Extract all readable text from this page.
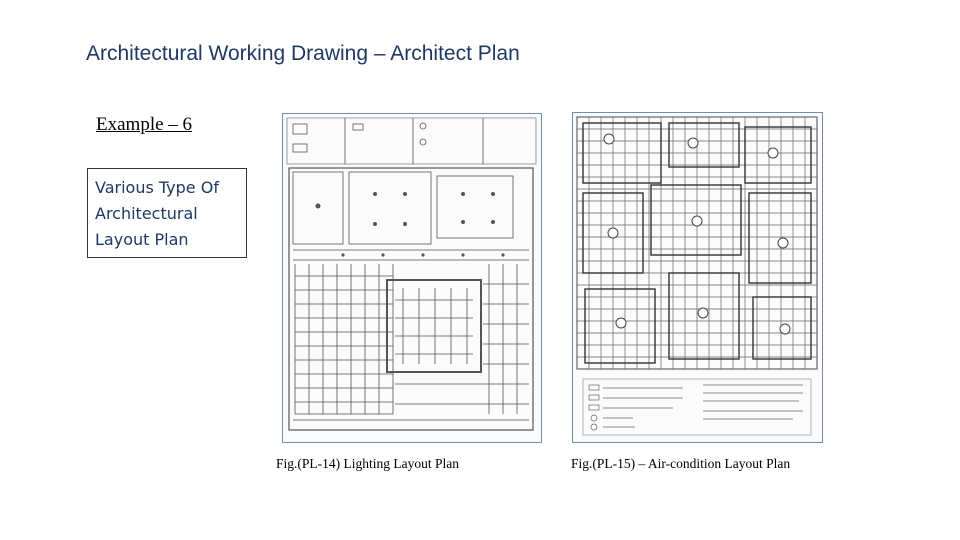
Architectural Working Drawing – Architect Plan
Example – 6
Various Type Of Architectural Layout Plan
Fig.(PL-14) Lighting Layout Plan	Fig.(PL-15) – Air-condition Layout Plan
